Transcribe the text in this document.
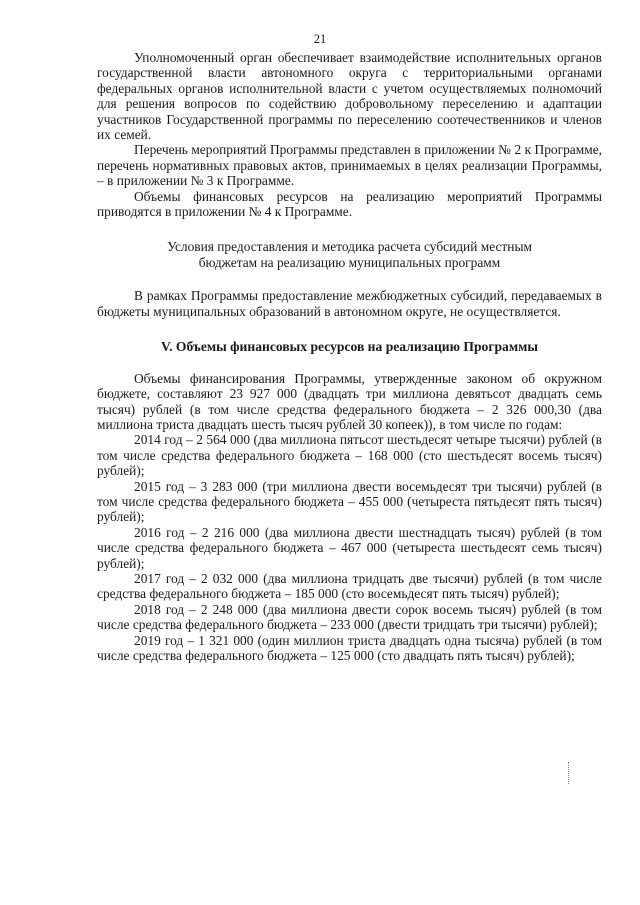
21

Уполномоченный орган обеспечивает взаимодействие исполнительных органов государственной власти автономного округа с территориальными органами федеральных органов исполнительной власти с учетом осуществляемых полномочий для решения вопросов по содействию добровольному переселению и адаптации участников Государственной программы по переселению соотечественников и членов их семей.

Перечень мероприятий Программы представлен в приложении № 2 к Программе, перечень нормативных правовых актов, принимаемых в целях реализации Программы, – в приложении № 3 к Программе.

Объемы финансовых ресурсов на реализацию мероприятий Программы приводятся в приложении № 4 к Программе.

Условия предоставления и методика расчета субсидий местным
бюджетам на реализацию муниципальных программ

В рамках Программы предоставление межбюджетных субсидий, передаваемых в бюджеты муниципальных образований в автономном округе, не осуществляется.

V. Объемы финансовых ресурсов на реализацию Программы

Объемы финансирования Программы, утвержденные законом об окружном бюджете, составляют 23 927 000 (двадцать три миллиона девятьсот двадцать семь тысяч) рублей (в том числе средства федерального бюджета – 2 326 000,30 (два миллиона триста двадцать шесть тысяч рублей 30 копеек)), в том числе по годам:

2014 год – 2 564 000 (два миллиона пятьсот шестьдесят четыре тысячи) рублей (в том числе средства федерального бюджета – 168 000 (сто шестьдесят восемь тысяч) рублей);

2015 год – 3 283 000 (три миллиона двести восемьдесят три тысячи) рублей (в том числе средства федерального бюджета – 455 000 (четыреста пятьдесят пять тысяч) рублей);

2016 год – 2 216 000 (два миллиона двести шестнадцать тысяч) рублей (в том числе средства федерального бюджета – 467 000 (четыреста шестьдесят семь тысяч) рублей);

2017 год – 2 032 000 (два миллиона тридцать две тысячи) рублей (в том числе средства федерального бюджета – 185 000 (сто восемьдесят пять тысяч) рублей);

2018 год – 2 248 000 (два миллиона двести сорок восемь тысяч) рублей (в том числе средства федерального бюджета – 233 000 (двести тридцать три тысячи) рублей);

2019 год – 1 321 000 (один миллион триста двадцать одна тысяча) рублей (в том числе средства федерального бюджета – 125 000 (сто двадцать пять тысяч) рублей);
